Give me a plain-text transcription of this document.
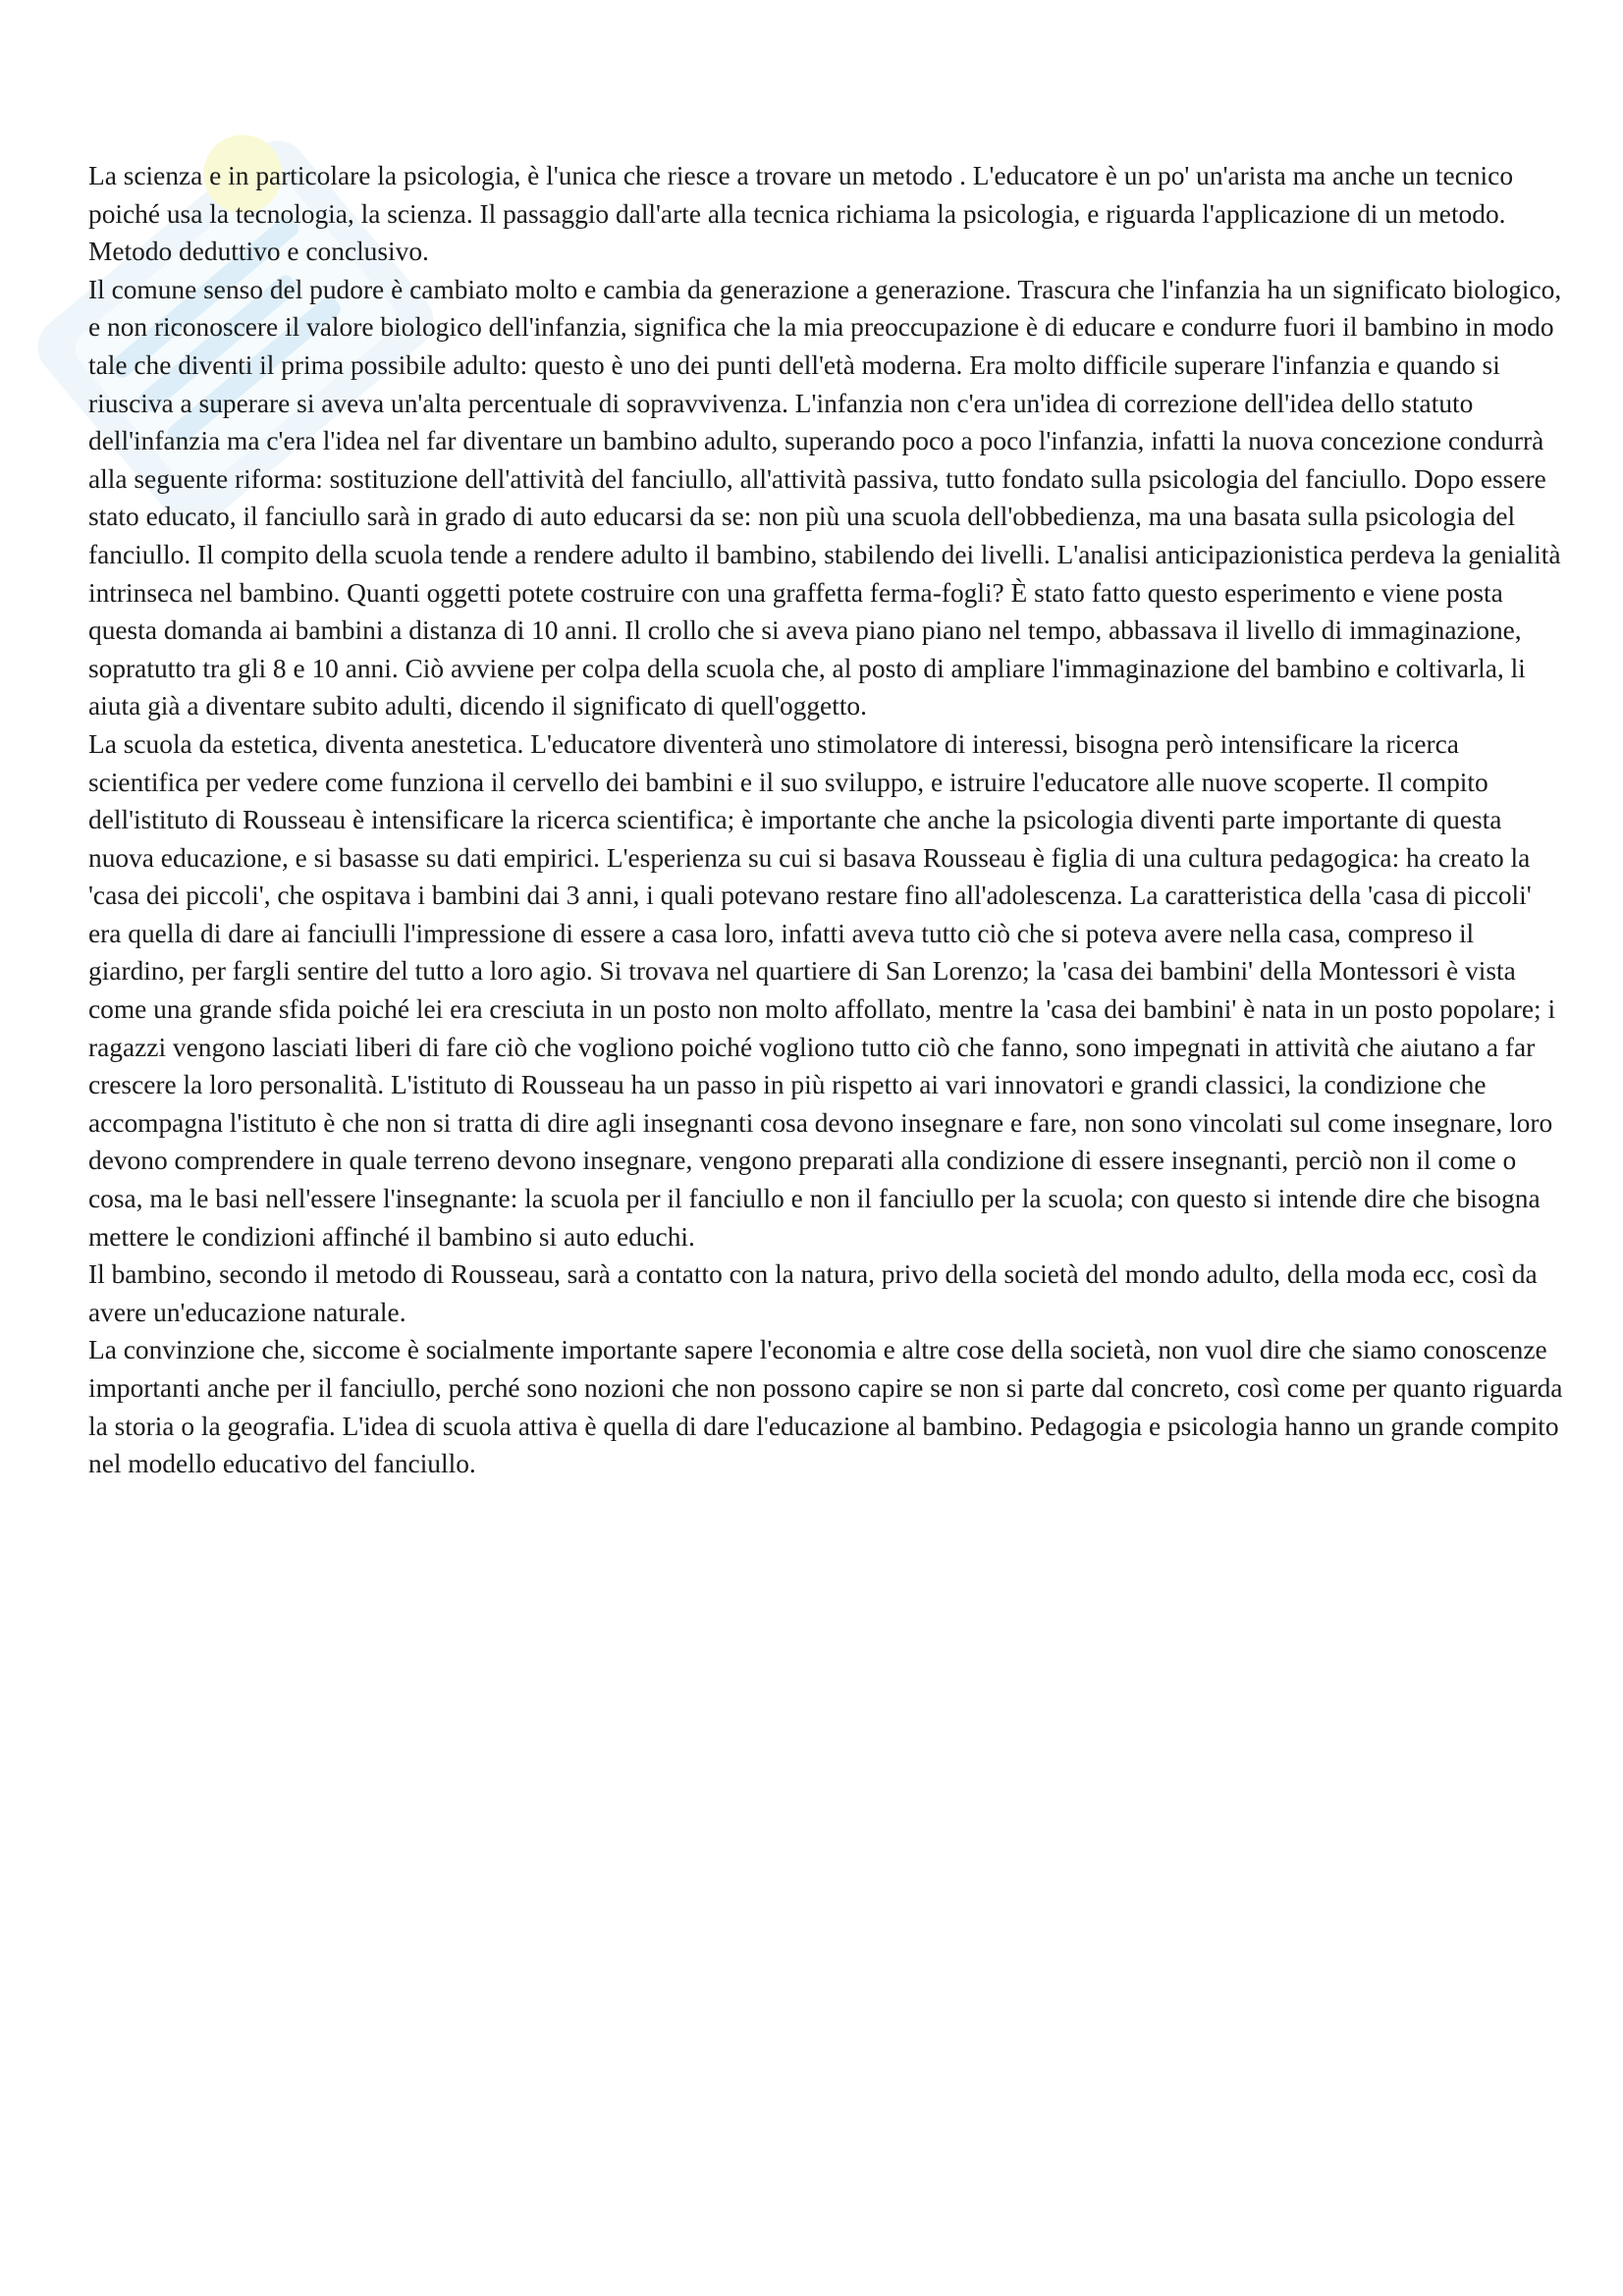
La scienza e in particolare la psicologia, è l'unica che riesce a trovare un metodo . L'educatore è un po' un'arista ma anche un tecnico poiché usa la tecnologia, la scienza. Il passaggio dall'arte alla tecnica richiama la psicologia, e riguarda l'applicazione di un metodo.

Metodo deduttivo e conclusivo.

Il comune senso del pudore è cambiato molto e cambia da generazione a generazione. Trascura che l'infanzia ha un significato biologico, e non riconoscere il valore biologico dell'infanzia, significa che la mia preoccupazione è di educare e condurre fuori il bambino in modo tale che diventi il prima possibile adulto: questo è uno dei punti dell'età moderna. Era molto difficile superare l'infanzia e quando si riusciva a superare si aveva un'alta percentuale di sopravvivenza. L'infanzia non c'era un'idea di correzione dell'idea dello statuto dell'infanzia ma c'era l'idea nel far diventare un bambino adulto, superando poco a poco l'infanzia, infatti la nuova concezione condurrà alla seguente riforma: sostituzione dell'attività del fanciullo, all'attività passiva, tutto fondato sulla psicologia del fanciullo. Dopo essere stato educato, il fanciullo sarà in grado di auto educarsi da se: non più una scuola dell'obbedienza, ma una basata sulla psicologia del fanciullo. Il compito della scuola tende a rendere adulto il bambino, stabilendo dei livelli. L'analisi anticipazionistica perdeva la genialità intrinseca nel bambino. Quanti oggetti potete costruire con una graffetta ferma-fogli? È stato fatto questo esperimento e viene posta questa domanda ai bambini a distanza di 10 anni. Il crollo che si aveva piano piano nel tempo, abbassava il livello di immaginazione, sopratutto tra gli 8 e 10 anni. Ciò avviene per colpa della scuola che, al posto di ampliare l'immaginazione del bambino e coltivarla, li aiuta già a diventare subito adulti, dicendo il significato di quell'oggetto.

La scuola da estetica, diventa anestetica. L'educatore diventerà uno stimolatore di interessi, bisogna però intensificare la ricerca scientifica per vedere come funziona il cervello dei bambini e il suo sviluppo, e istruire l'educatore alle nuove scoperte. Il compito dell'istituto di Rousseau è intensificare la ricerca scientifica; è importante che anche la psicologia diventi parte importante di questa nuova educazione, e si basasse su dati empirici. L'esperienza su cui si basava Rousseau è figlia di una cultura pedagogica: ha creato la 'casa dei piccoli', che ospitava i bambini dai 3 anni, i quali potevano restare fino all'adolescenza. La caratteristica della 'casa di piccoli' era quella di dare ai fanciulli l'impressione di essere a casa loro, infatti aveva tutto ciò che si poteva avere nella casa, compreso il giardino, per fargli sentire del tutto a loro agio. Si trovava nel quartiere di San Lorenzo; la 'casa dei bambini' della Montessori è vista come una grande sfida poiché lei era cresciuta in un posto non molto affollato, mentre la 'casa dei bambini' è nata in un posto popolare; i ragazzi vengono lasciati liberi di fare ciò che vogliono poiché vogliono tutto ciò che fanno, sono impegnati in attività che aiutano a far crescere la loro personalità. L'istituto di Rousseau ha un passo in più rispetto ai vari innovatori e grandi classici, la condizione che accompagna l'istituto è che non si tratta di dire agli insegnanti cosa devono insegnare e fare, non sono vincolati sul come insegnare, loro devono comprendere in quale terreno devono insegnare, vengono preparati alla condizione di essere insegnanti, perciò non il come o cosa, ma le basi nell'essere l'insegnante: la scuola per il fanciullo e non il fanciullo per la scuola; con questo si intende dire che bisogna mettere le condizioni affinché il bambino si auto educhi.

Il bambino, secondo il metodo di Rousseau, sarà a contatto con la natura, privo della società del mondo adulto, della moda ecc, così da avere un'educazione naturale.

La convinzione che, siccome è socialmente importante sapere l'economia e altre cose della società, non vuol dire che siamo conoscenze importanti anche per il fanciullo, perché sono nozioni che non possono capire se non si parte dal concreto, così come per quanto riguarda la storia o la geografia. L'idea di scuola attiva è quella di dare l'educazione al bambino. Pedagogia e psicologia hanno un grande compito nel modello educativo del fanciullo.
